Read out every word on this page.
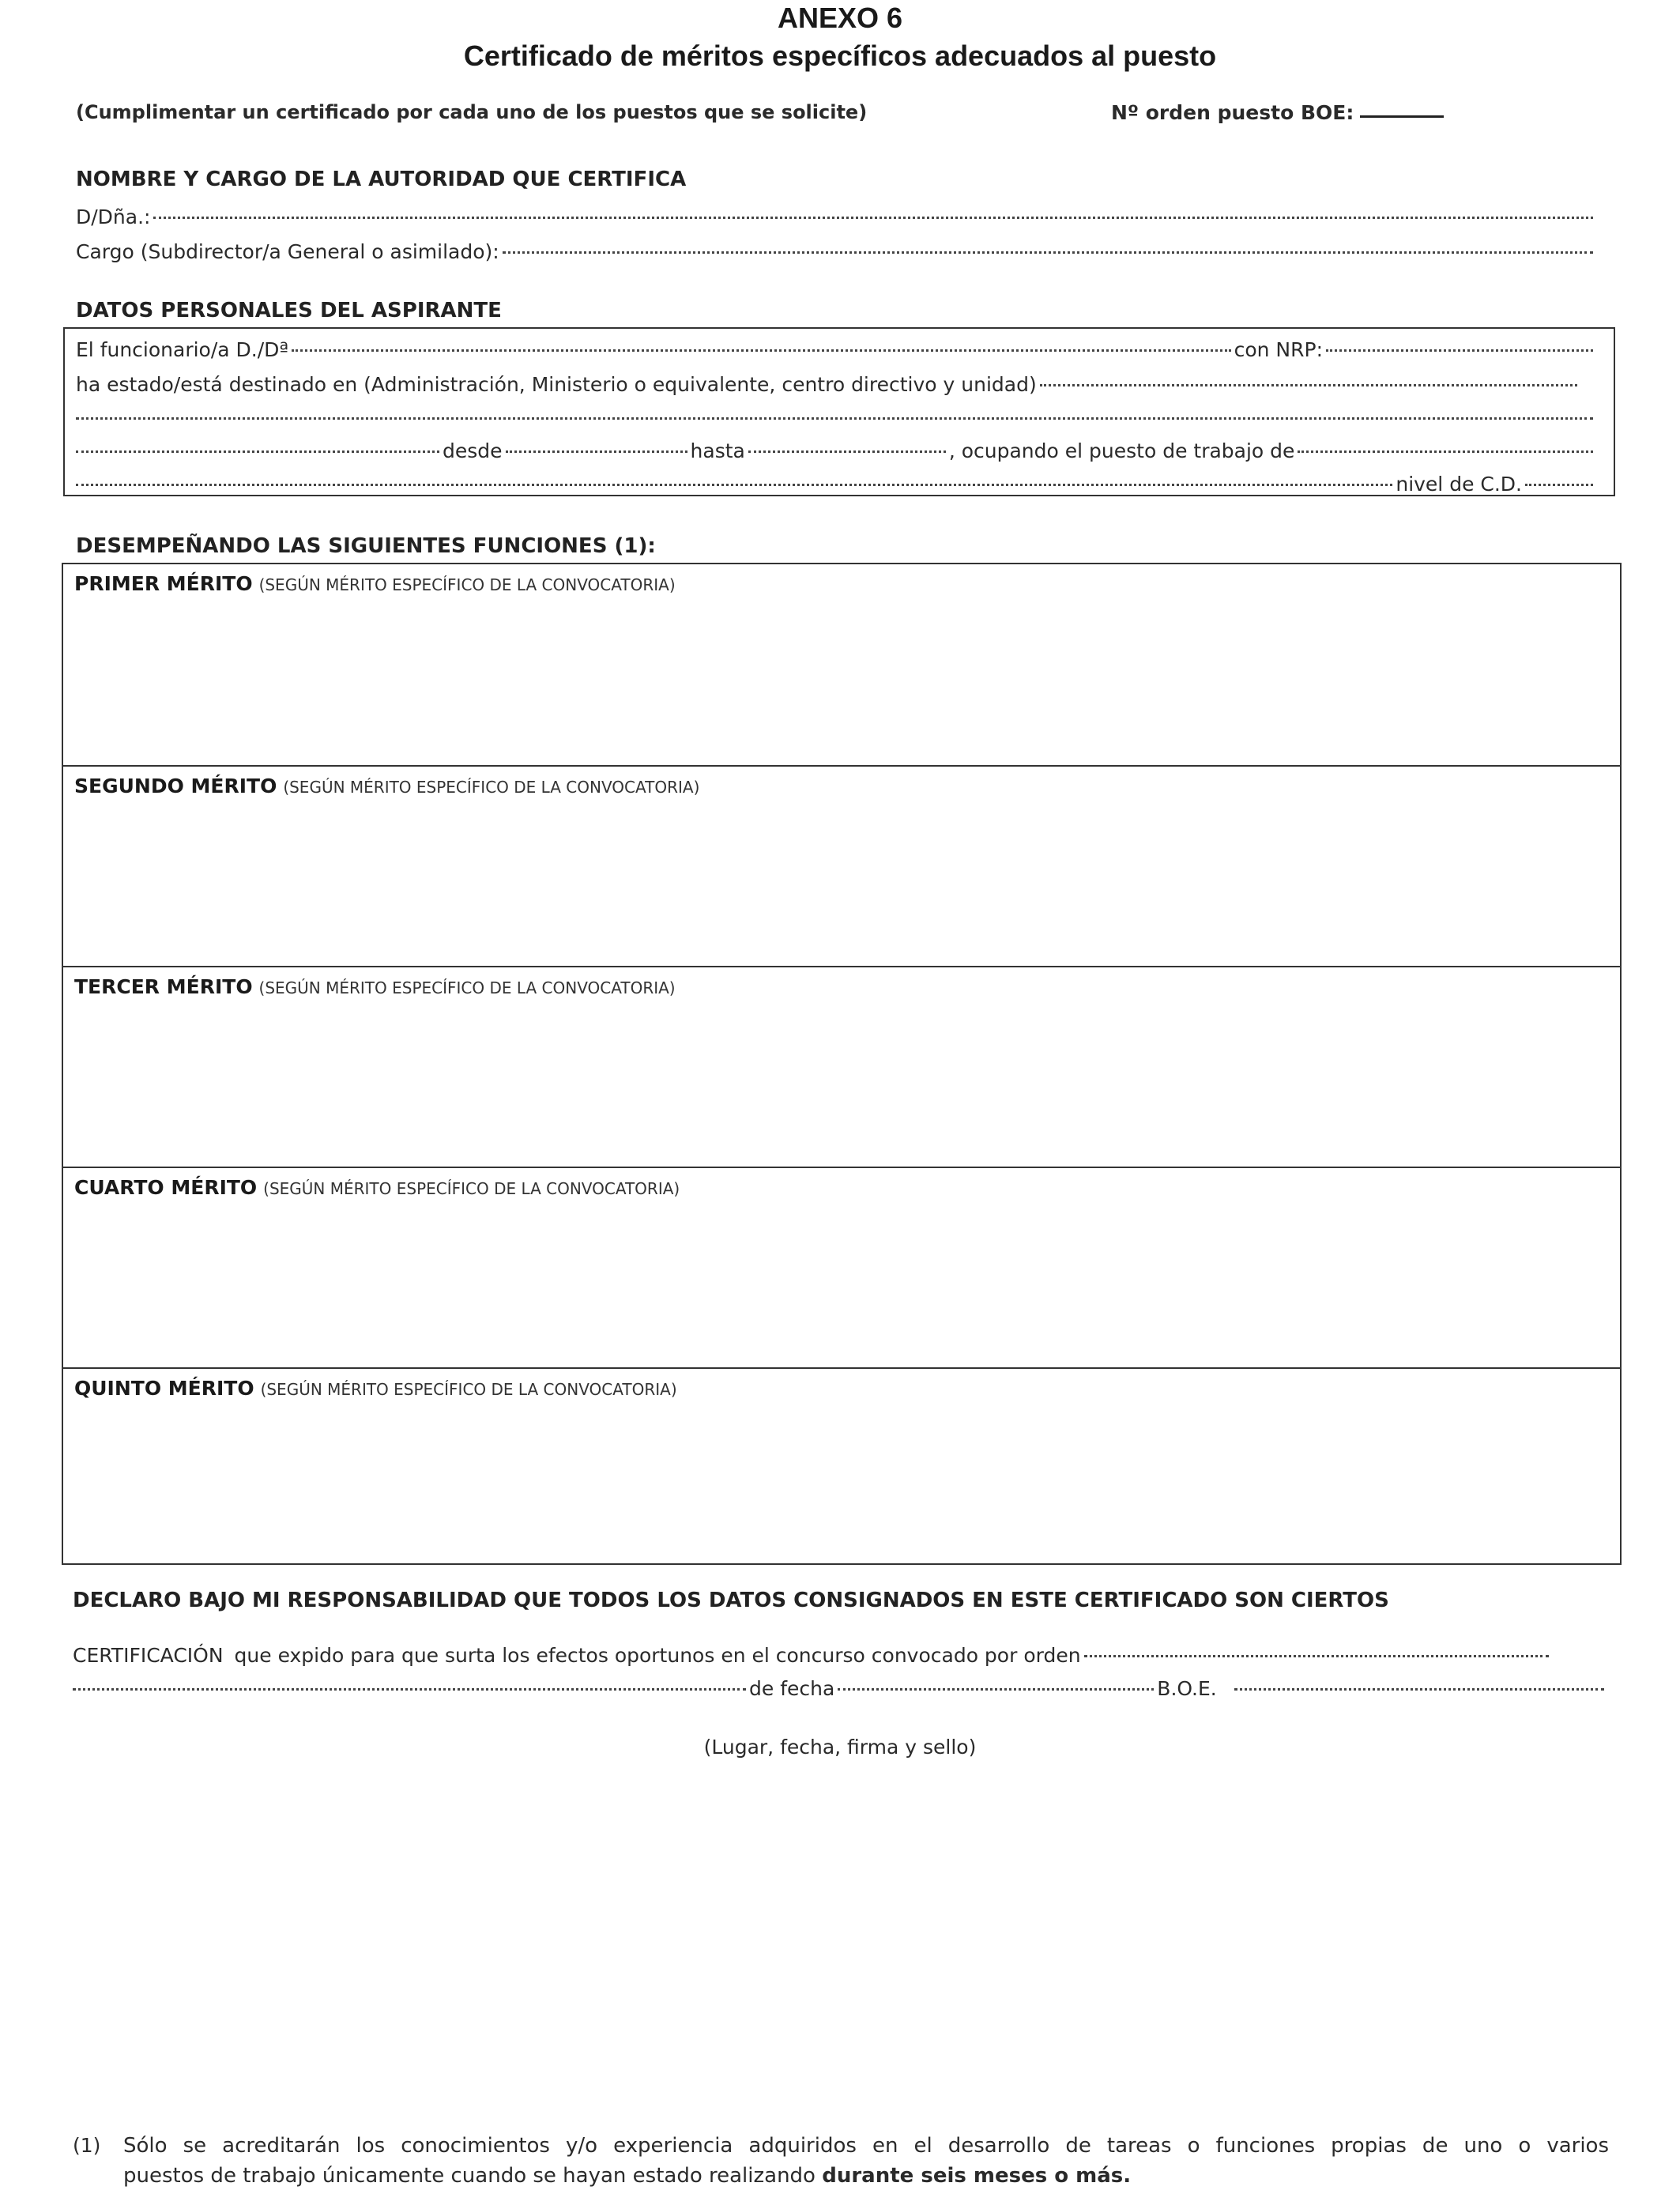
ANEXO 6
Certificado de méritos específicos adecuados al puesto
(Cumplimentar un certificado por cada uno de los puestos que se solicite)	Nº orden puesto BOE:
NOMBRE Y CARGO DE LA AUTORIDAD QUE CERTIFICA
D/Dña.:
Cargo (Subdirector/a General o asimilado):
DATOS PERSONALES DEL ASPIRANTE
El funcionario/a D./Dª	con NRP:
ha estado/está destinado en (Administración, Ministerio o equivalente, centro directivo y unidad)
desde	hasta	, ocupando el puesto de trabajo de
nivel de C.D.
DESEMPEÑANDO LAS SIGUIENTES FUNCIONES (1):
PRIMER MÉRITO (SEGÚN MÉRITO ESPECÍFICO DE LA CONVOCATORIA)
SEGUNDO MÉRITO (SEGÚN MÉRITO ESPECÍFICO DE LA CONVOCATORIA)
TERCER MÉRITO (SEGÚN MÉRITO ESPECÍFICO DE LA CONVOCATORIA)
CUARTO MÉRITO (SEGÚN MÉRITO ESPECÍFICO DE LA CONVOCATORIA)
QUINTO MÉRITO (SEGÚN MÉRITO ESPECÍFICO DE LA CONVOCATORIA)
DECLARO BAJO MI RESPONSABILIDAD QUE TODOS LOS DATOS CONSIGNADOS EN ESTE CERTIFICADO SON CIERTOS
CERTIFICACIÓN que expido para que surta los efectos oportunos en el concurso convocado por orden
de fecha	B.O.E.
(Lugar, fecha, firma y sello)
(1) Sólo se acreditarán los conocimientos y/o experiencia adquiridos en el desarrollo de tareas o funciones propias de uno o varios
puestos de trabajo únicamente cuando se hayan estado realizando durante seis meses o más.
